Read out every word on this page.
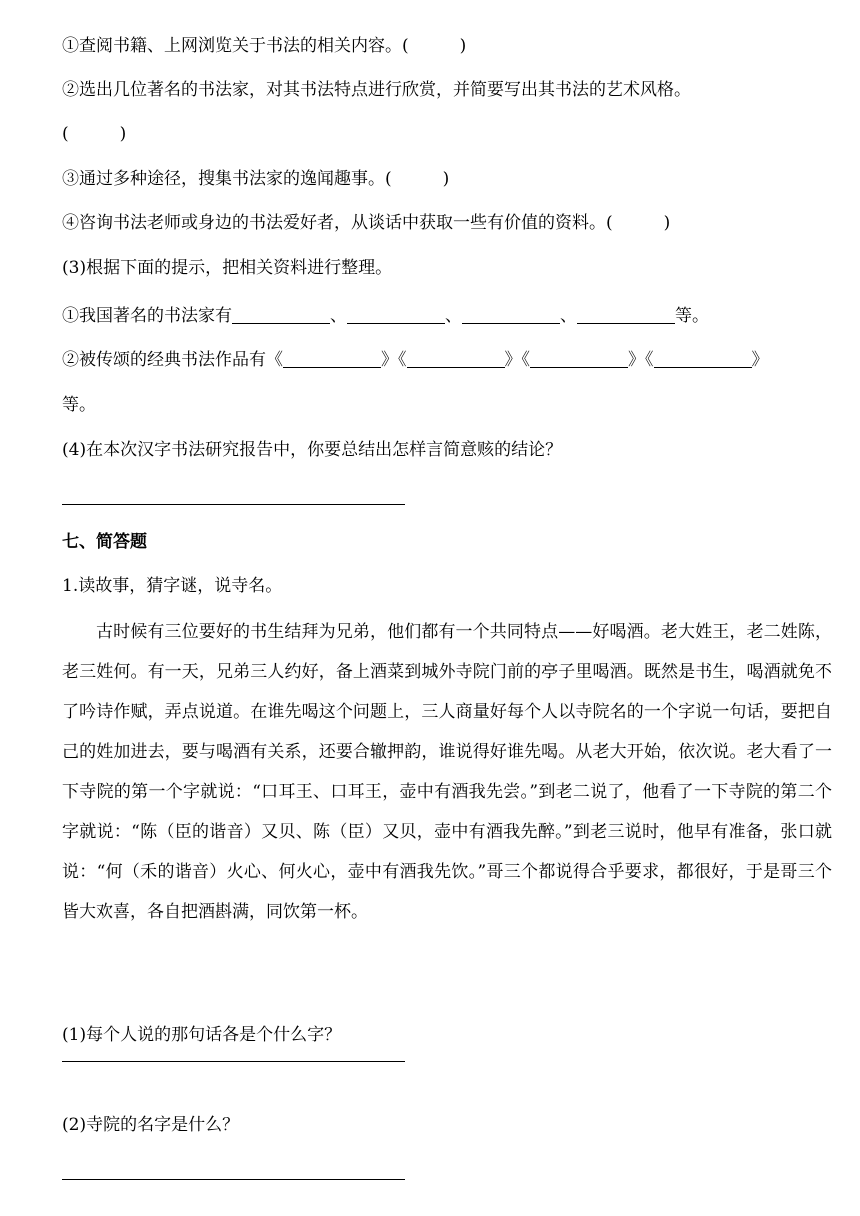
①查阅书籍、上网浏览关于书法的相关内容。(　　　)
②选出几位著名的书法家，对其书法特点进行欣赏，并简要写出其书法的艺术风格。
(　　　)
③通过多种途径，搜集书法家的逸闻趣事。(　　　)
④咨询书法老师或身边的书法爱好者，从谈话中获取一些有价值的资料。(　　　)
(3)根据下面的提示，把相关资料进行整理。
①我国著名的书法家有	、	、	、	等。
②被传颂的经典书法作品有《	》《	》《	》《	》
等。
(4)在本次汉字书法研究报告中，你要总结出怎样言简意赅的结论？
七、简答题
1.读故事，猜字谜，说寺名。
古时候有三位要好的书生结拜为兄弟，他们都有一个共同特点——好喝酒。老大姓王，老二姓陈，老三姓何。有一天，兄弟三人约好，备上酒菜到城外寺院门前的亭子里喝酒。既然是书生，喝酒就免不了吟诗作赋，弄点说道。在谁先喝这个问题上，三人商量好每个人以寺院名的一个字说一句话，要把自己的姓加进去，要与喝酒有关系，还要合辙押韵，谁说得好谁先喝。从老大开始，依次说。老大看了一下寺院的第一个字就说：“口耳王、口耳王，壶中有酒我先尝。”到老二说了，他看了一下寺院的第二个字就说：“陈（臣的谐音）又贝、陈（臣）又贝，壶中有酒我先醉。”到老三说时，他早有准备，张口就说：“何（禾的谐音）火心、何火心，壶中有酒我先饮。”哥三个都说得合乎要求，都很好，于是哥三个皆大欢喜，各自把酒斟满，同饮第一杯。
(1)每个人说的那句话各是个什么字？
(2)寺院的名字是什么？
